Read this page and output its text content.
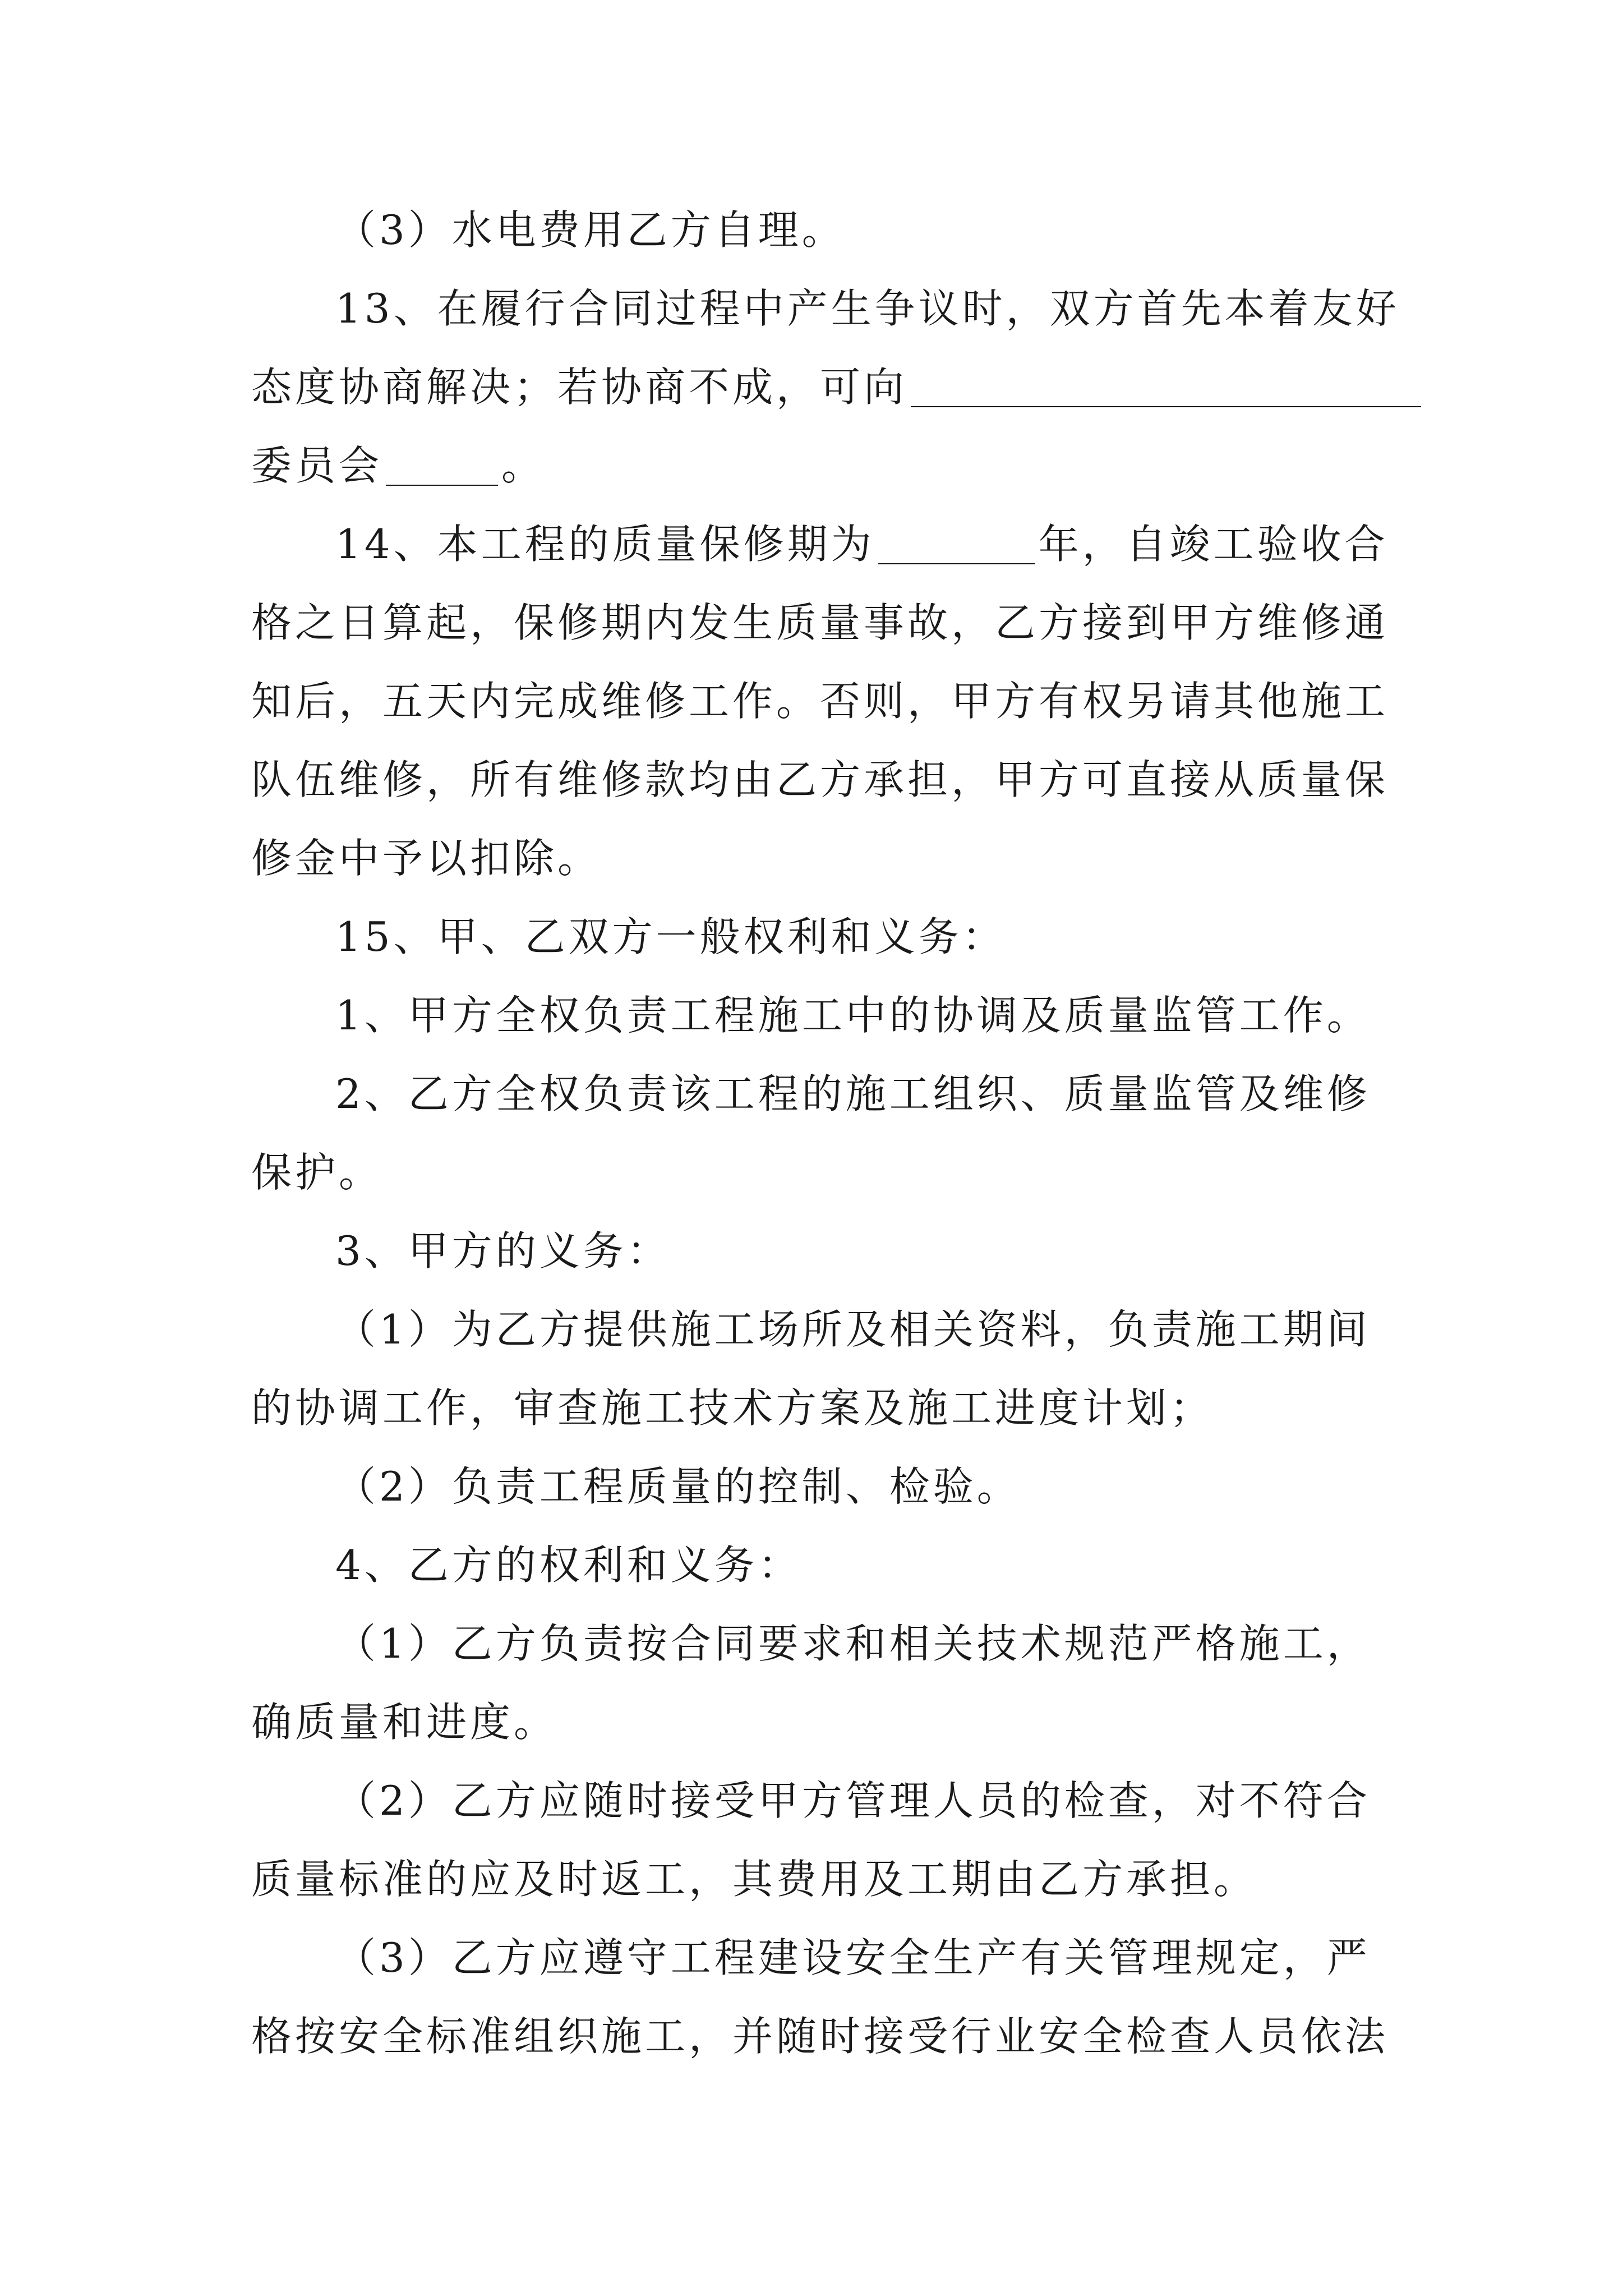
（3）水电费用乙方自理。
13、在履行合同过程中产生争议时，双方首先本着友好
态度协商解决；若协商不成，可向
委员会	。
14、本工程的质量保修期为	年，自竣工验收合
格之日算起，保修期内发生质量事故，乙方接到甲方维修通
知后，五天内完成维修工作。否则，甲方有权另请其他施工
队伍维修，所有维修款均由乙方承担，甲方可直接从质量保
修金中予以扣除。
15、甲、乙双方一般权利和义务：
1、甲方全权负责工程施工中的协调及质量监管工作。
2、乙方全权负责该工程的施工组织、质量监管及维修
保护。
3、甲方的义务：
（1）为乙方提供施工场所及相关资料，负责施工期间
的协调工作，审查施工技术方案及施工进度计划；
（2）负责工程质量的控制、检验。
4、乙方的权利和义务：
（1）乙方负责按合同要求和相关技术规范严格施工，
确质量和进度。
（2）乙方应随时接受甲方管理人员的检查，对不符合
质量标准的应及时返工，其费用及工期由乙方承担。
（3）乙方应遵守工程建设安全生产有关管理规定，严
格按安全标准组织施工，并随时接受行业安全检查人员依法
